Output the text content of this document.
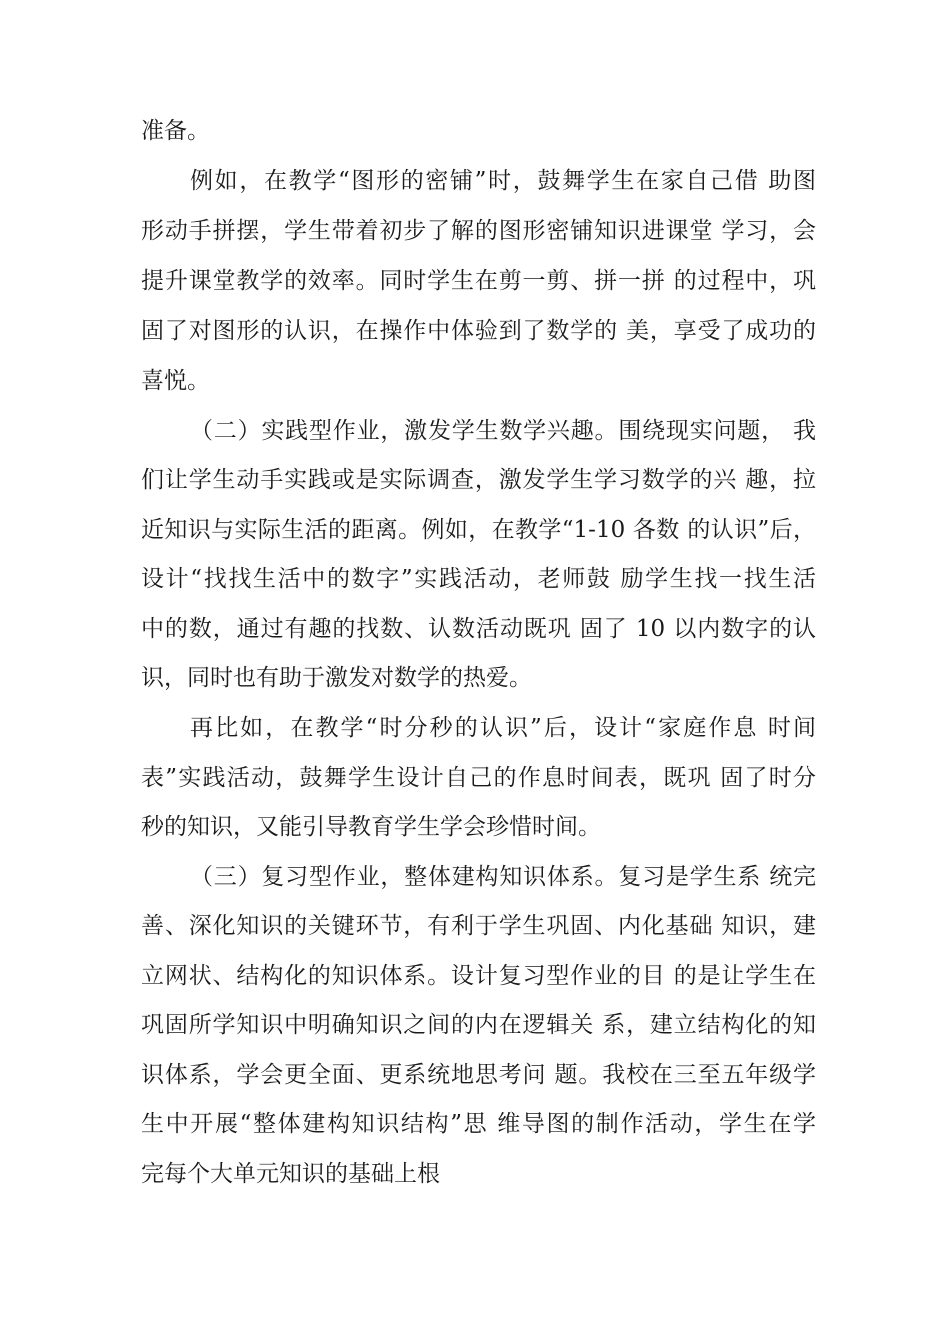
准备。
例如，在教学“图形的密铺”时，鼓舞学生在家自己借 助图
形动手拼摆，学生带着初步了解的图形密铺知识进课堂 学习，会
提升课堂教学的效率。同时学生在剪一剪、拼一拼 的过程中，巩
固了对图形的认识，在操作中体验到了数学的 美，享受了成功的
喜悦。
（二）实践型作业，激发学生数学兴趣。围绕现实问题， 我
们让学生动手实践或是实际调查，激发学生学习数学的兴 趣，拉
近知识与实际生活的距离。例如，在教学“1-10 各数 的认识”后，
设计“找找生活中的数字”实践活动，老师鼓 励学生找一找生活
中的数，通过有趣的找数、认数活动既巩 固了 10 以内数字的认
识，同时也有助于激发对数学的热爱。
再比如，在教学“时分秒的认识”后，设计“家庭作息 时间
表”实践活动，鼓舞学生设计自己的作息时间表，既巩 固了时分
秒的知识，又能引导教育学生学会珍惜时间。
（三）复习型作业，整体建构知识体系。复习是学生系 统完
善、深化知识的关键环节，有利于学生巩固、内化基础 知识，建
立网状、结构化的知识体系。设计复习型作业的目 的是让学生在
巩固所学知识中明确知识之间的内在逻辑关 系，建立结构化的知
识体系，学会更全面、更系统地思考问 题。我校在三至五年级学
生中开展“整体建构知识结构”思 维导图的制作活动，学生在学
完每个大单元知识的基础上根
